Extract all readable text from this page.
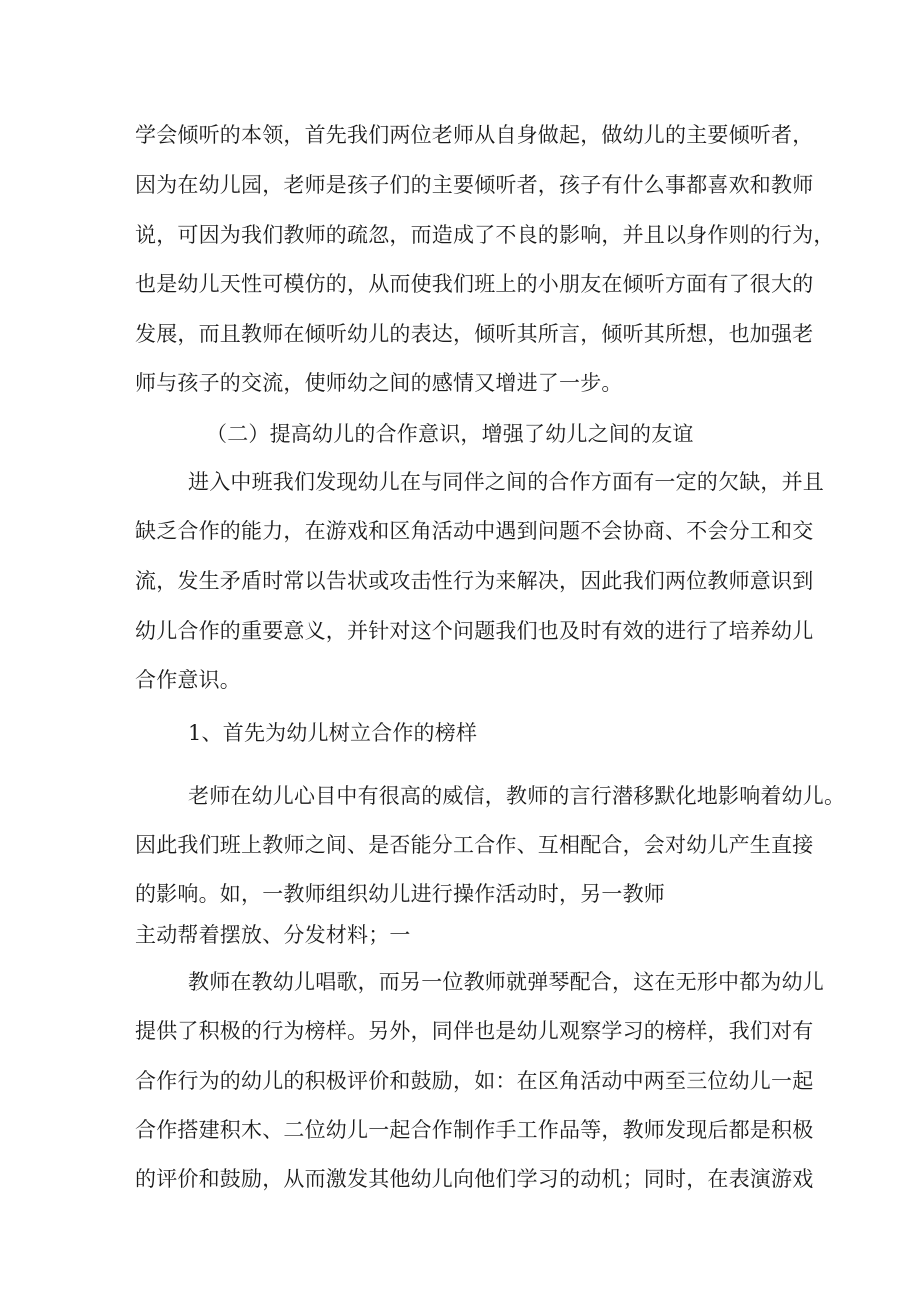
学会倾听的本领，首先我们两位老师从自身做起，做幼儿的主要倾听者，
因为在幼儿园，老师是孩子们的主要倾听者，孩子有什么事都喜欢和教师
说，可因为我们教师的疏忽，而造成了不良的影响，并且以身作则的行为，
也是幼儿天性可模仿的，从而使我们班上的小朋友在倾听方面有了很大的
发展，而且教师在倾听幼儿的表达，倾听其所言，倾听其所想，也加强老
师与孩子的交流，使师幼之间的感情又增进了一步。
（二）提高幼儿的合作意识，增强了幼儿之间的友谊
进入中班我们发现幼儿在与同伴之间的合作方面有一定的欠缺，并且
缺乏合作的能力，在游戏和区角活动中遇到问题不会协商、不会分工和交
流，发生矛盾时常以告状或攻击性行为来解决，因此我们两位教师意识到
幼儿合作的重要意义，并针对这个问题我们也及时有效的进行了培养幼儿
合作意识。
1、首先为幼儿树立合作的榜样
老师在幼儿心目中有很高的威信，教师的言行潜移默化地影响着幼儿。
因此我们班上教师之间、是否能分工合作、互相配合，会对幼儿产生直接
的影响。如，一教师组织幼儿进行操作活动时，另一教师
主动帮着摆放、分发材料；一
教师在教幼儿唱歌，而另一位教师就弹琴配合，这在无形中都为幼儿
提供了积极的行为榜样。另外，同伴也是幼儿观察学习的榜样，我们对有
合作行为的幼儿的积极评价和鼓励，如：在区角活动中两至三位幼儿一起
合作搭建积木、二位幼儿一起合作制作手工作品等，教师发现后都是积极
的评价和鼓励，从而激发其他幼儿向他们学习的动机；同时，在表演游戏
